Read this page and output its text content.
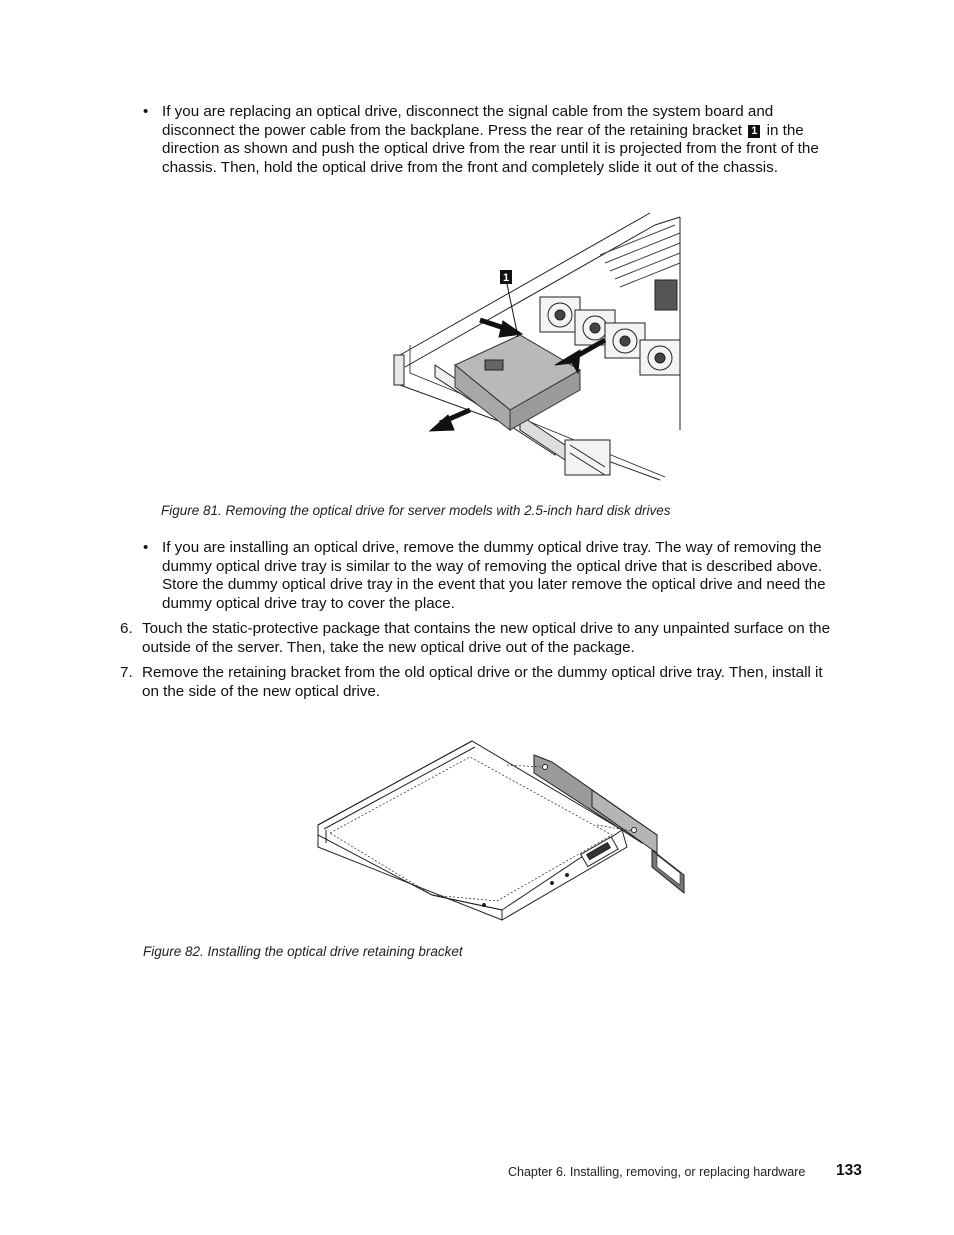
• If you are replacing an optical drive, disconnect the signal cable from the system board and
disconnect the power cable from the backplane. Press the rear of the retaining bracket 1 in the
direction as shown and push the optical drive from the rear until it is projected from the front of the
chassis. Then, hold the optical drive from the front and completely slide it out of the chassis.
1
Figure 81. Removing the optical drive for server models with 2.5-inch hard disk drives
• If you are installing an optical drive, remove the dummy optical drive tray. The way of removing the
dummy optical drive tray is similar to the way of removing the optical drive that is described above.
Store the dummy optical drive tray in the event that you later remove the optical drive and need the
dummy optical drive tray to cover the place.
6. Touch the static-protective package that contains the new optical drive to any unpainted surface on the
outside of the server. Then, take the new optical drive out of the package.
7. Remove the retaining bracket from the old optical drive or the dummy optical drive tray. Then, install it
on the side of the new optical drive.
Figure 82. Installing the optical drive retaining bracket
Chapter 6. Installing, removing, or replacing hardware 133
